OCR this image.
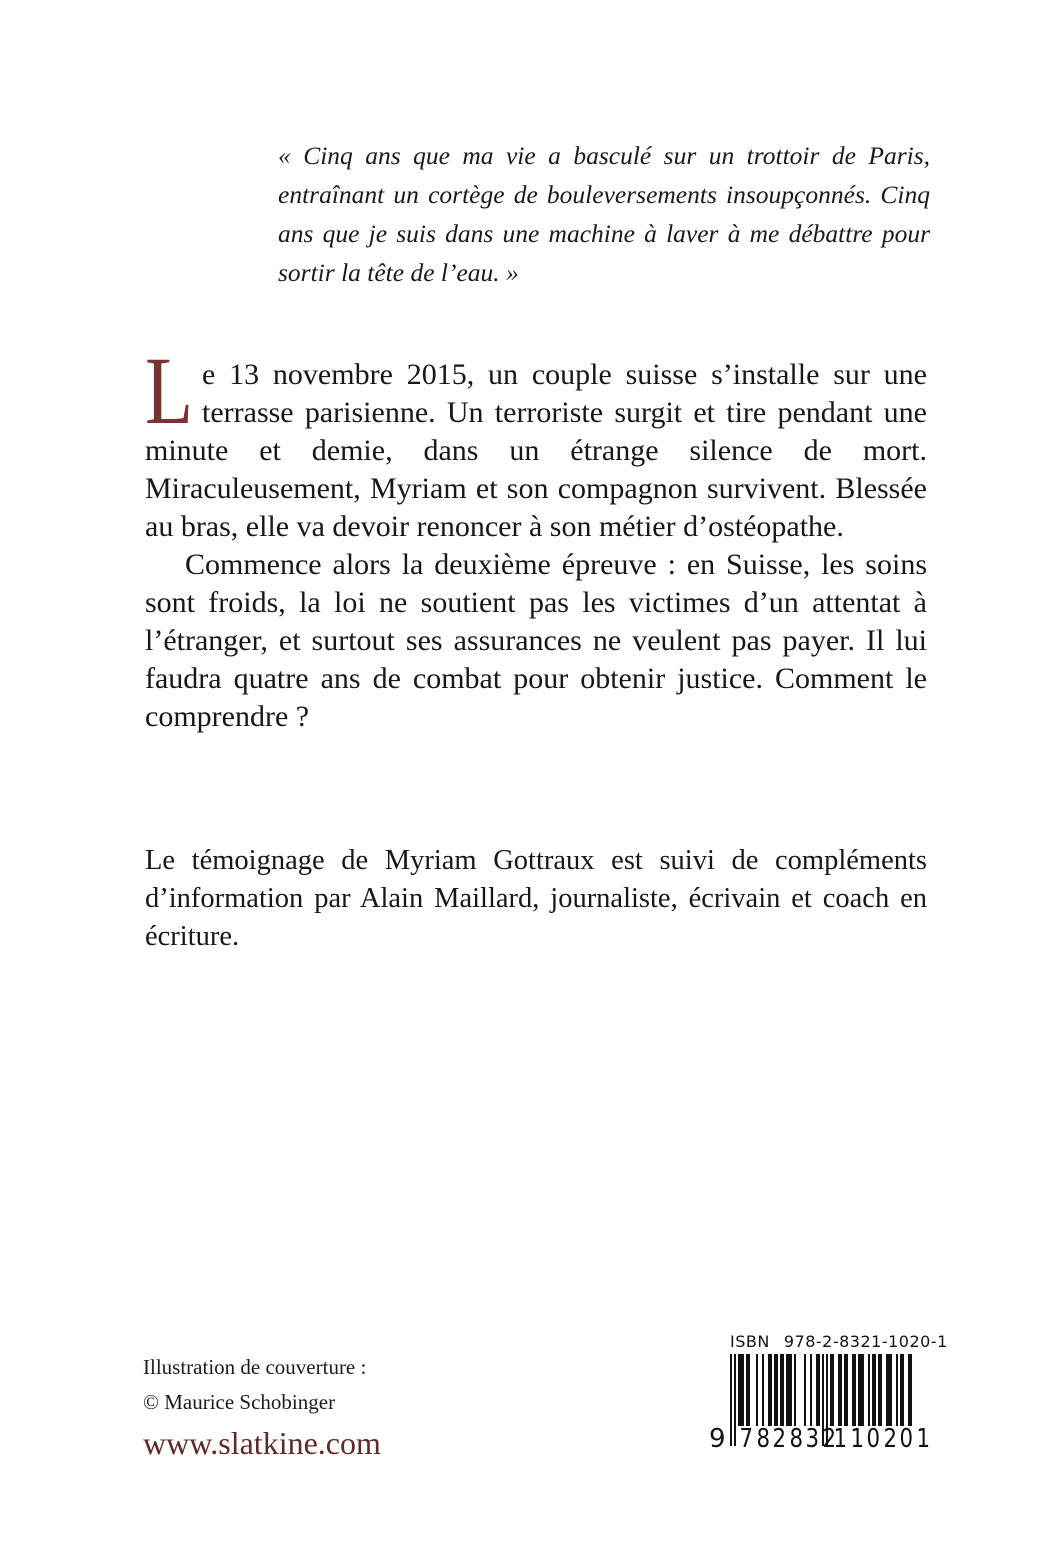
« Cinq ans que ma vie a basculé sur un trottoir de Paris, entraînant un cortège de bouleversements insoupçonnés. Cinq ans que je suis dans une machine à laver à me débattre pour sortir la tête de l’eau. »

Le 13 novembre 2015, un couple suisse s’installe sur une terrasse parisienne. Un terroriste surgit et tire pendant une minute et demie, dans un étrange silence de mort. Miraculeusement, Myriam et son compagnon survivent. Blessée au bras, elle va devoir renoncer à son métier d’ostéopathe.

Commence alors la deuxième épreuve : en Suisse, les soins sont froids, la loi ne soutient pas les victimes d’un attentat à l’étranger, et surtout ses assurances ne veulent pas payer. Il lui faudra quatre ans de combat pour obtenir justice. Comment le comprendre ?

Le témoignage de Myriam Gottraux est suivi de compléments d’information par Alain Maillard, journaliste, écrivain et coach en écriture.
Illustration de couverture :
© Maurice Schobinger
www.slatkine.com
ISBN 978-2-8321-1020-1
9 7 8 2 8 3 2
1 1 0 2 0 1
